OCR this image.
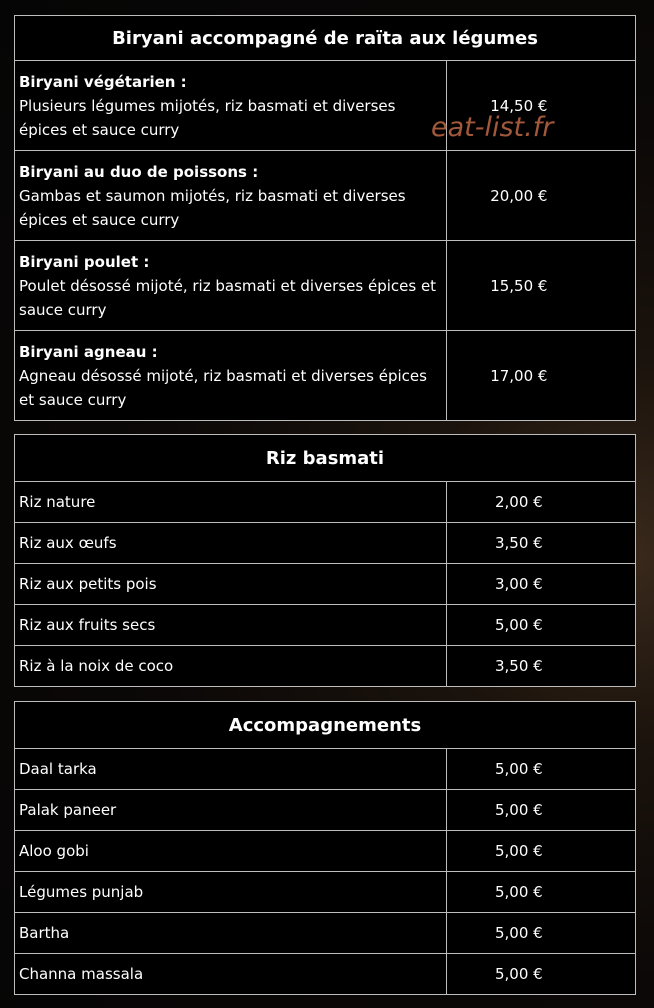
Biryani accompagné de raïta aux légumes	

Biryani végétarien :
Plusieurs légumes mijotés, riz basmati et diverses épices et sauce curry	14,50 €

Biryani au duo de poissons :
Gambas et saumon mijotés, riz basmati et diverses épices et sauce curry	20,00 €

Biryani poulet :
Poulet désossé mijoté, riz basmati et diverses épices et sauce curry	15,50 €

Biryani agneau :
Agneau désossé mijoté, riz basmati et diverses épices et sauce curry	17,00 €
Riz basmati	
Riz nature	2,00 €
Riz aux œufs	3,50 €
Riz aux petits pois	3,00 €
Riz aux fruits secs	5,00 €
Riz à la noix de coco	3,50 €
Accompagnements	
Daal tarka	5,00 €
Palak paneer	5,00 €
Aloo gobi	5,00 €
Légumes punjab	5,00 €
Bartha	5,00 €
Channa massala	5,00 €
eat-list.fr
